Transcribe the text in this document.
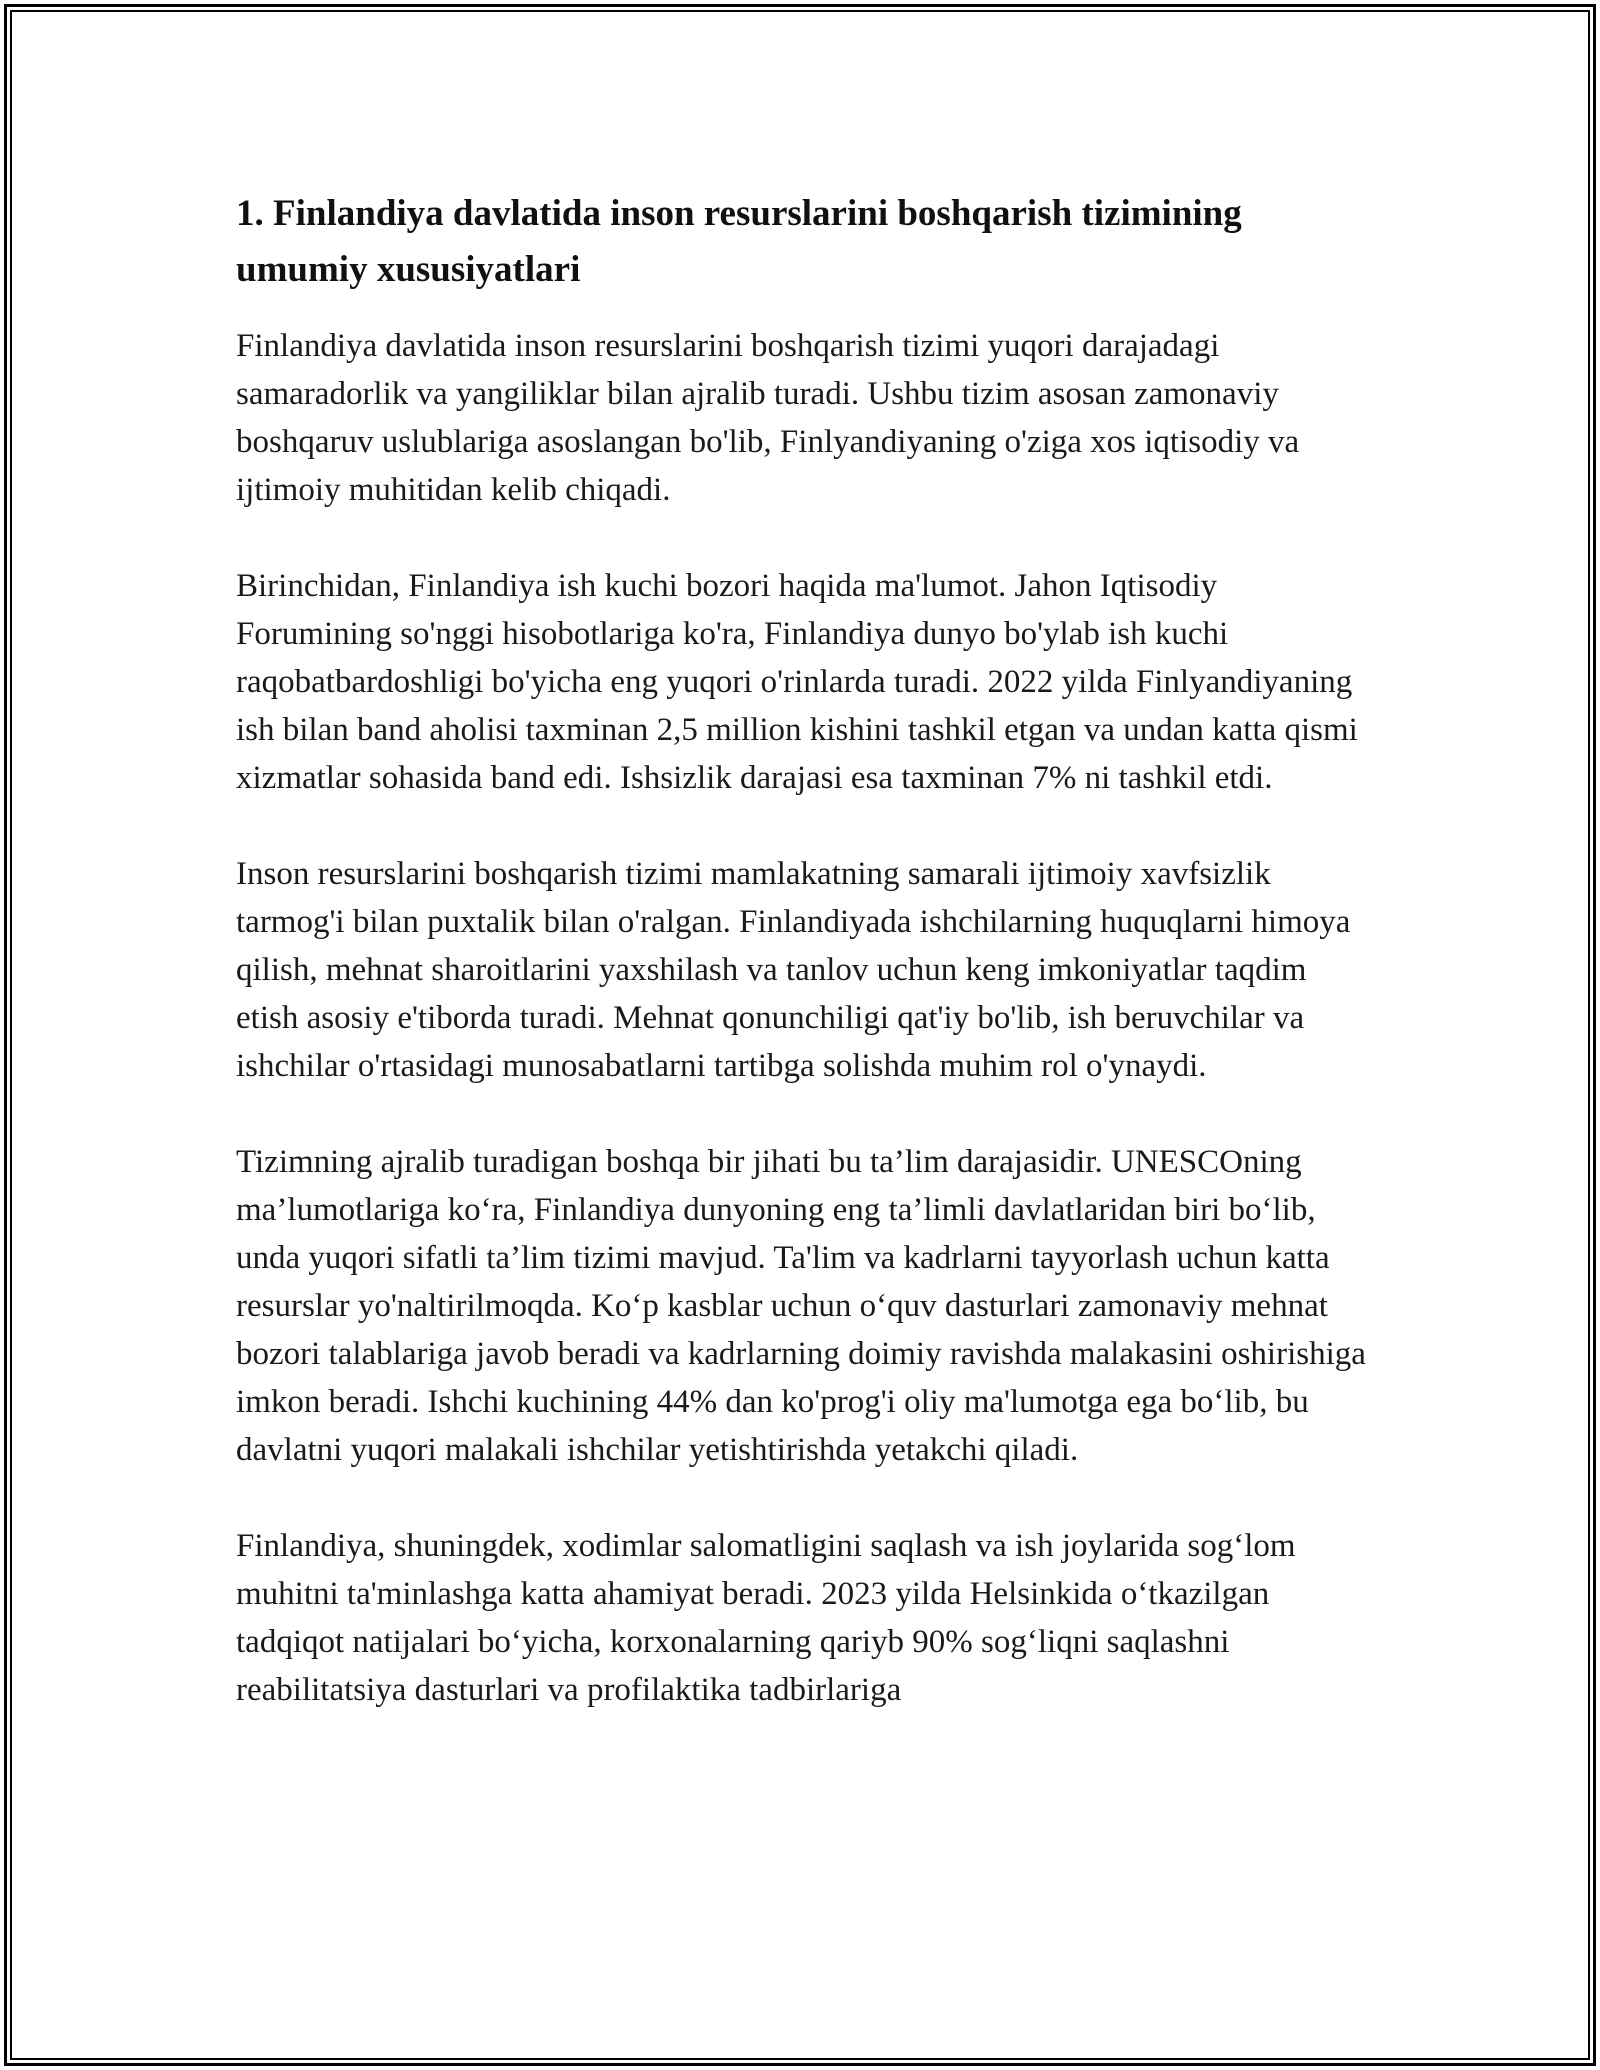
1. Finlandiya davlatida inson resurslarini boshqarish tizimining umumiy xususiyatlari

Finlandiya davlatida inson resurslarini boshqarish tizimi yuqori darajadagi samaradorlik va yangiliklar bilan ajralib turadi. Ushbu tizim asosan zamonaviy boshqaruv uslublariga asoslangan bo'lib, Finlyandiyaning o'ziga xos iqtisodiy va ijtimoiy muhitidan kelib chiqadi.

Birinchidan, Finlandiya ish kuchi bozori haqida ma'lumot. Jahon Iqtisodiy Forumining so'nggi hisobotlariga ko'ra, Finlandiya dunyo bo'ylab ish kuchi raqobatbardoshligi bo'yicha eng yuqori o'rinlarda turadi. 2022 yilda Finlyandiyaning ish bilan band aholisi taxminan 2,5 million kishini tashkil etgan va undan katta qismi xizmatlar sohasida band edi. Ishsizlik darajasi esa taxminan 7% ni tashkil etdi.

Inson resurslarini boshqarish tizimi mamlakatning samarali ijtimoiy xavfsizlik tarmog'i bilan puxtalik bilan o'ralgan. Finlandiyada ishchilarning huquqlarni himoya qilish, mehnat sharoitlarini yaxshilash va tanlov uchun keng imkoniyatlar taqdim etish asosiy e'tiborda turadi. Mehnat qonunchiligi qat'iy bo'lib, ish beruvchilar va ishchilar o'rtasidagi munosabatlarni tartibga solishda muhim rol o'ynaydi.

Tizimning ajralib turadigan boshqa bir jihati bu ta’lim darajasidir. UNESCOning ma’lumotlariga ko‘ra, Finlandiya dunyoning eng ta’limli davlatlaridan biri bo‘lib, unda yuqori sifatli ta’lim tizimi mavjud. Ta'lim va kadrlarni tayyorlash uchun katta resurslar yo'naltirilmoqda. Ko‘p kasblar uchun o‘quv dasturlari zamonaviy mehnat bozori talablariga javob beradi va kadrlarning doimiy ravishda malakasini oshirishiga imkon beradi. Ishchi kuchining 44% dan ko'prog'i oliy ma'lumotga ega bo‘lib, bu davlatni yuqori malakali ishchilar yetishtirishda yetakchi qiladi.

Finlandiya, shuningdek, xodimlar salomatligini saqlash va ish joylarida sog‘lom muhitni ta'minlashga katta ahamiyat beradi. 2023 yilda Helsinkida o‘tkazilgan tadqiqot natijalari bo‘yicha, korxonalarning qariyb 90% sog‘liqni saqlashni reabilitatsiya dasturlari va profilaktika tadbirlariga
